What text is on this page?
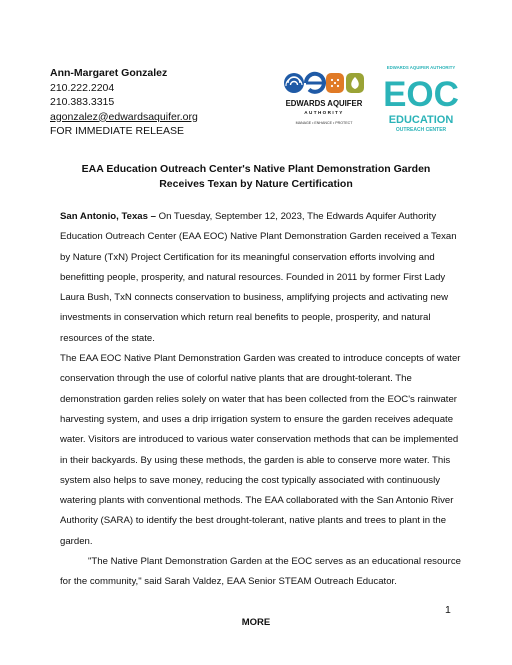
Ann-Margaret Gonzalez
210.222.2204
210.383.3315
agonzalez@edwardsaquifer.org
FOR IMMEDIATE RELEASE
EDWARDS AQUIFER
AUTHORITY
MANAGE • ENHANCE • PROTECT
EDWARDS AQUIFER AUTHORITY
EOC
EDUCATION
OUTREACH CENTER
EAA Education Outreach Center's Native Plant Demonstration Garden
Receives Texan by Nature Certification

San Antonio, Texas – On Tuesday, September 12, 2023, The Edwards Aquifer Authority Education Outreach Center (EAA EOC) Native Plant Demonstration Garden received a Texan by Nature (TxN) Project Certification for its meaningful conservation efforts involving and benefitting people, prosperity, and natural resources. Founded in 2011 by former First Lady Laura Bush, TxN connects conservation to business, amplifying projects and activating new investments in conservation which return real benefits to people, prosperity, and natural resources of the state.

The EAA EOC Native Plant Demonstration Garden was created to introduce concepts of water conservation through the use of colorful native plants that are drought-tolerant. The demonstration garden relies solely on water that has been collected from the EOC's rainwater harvesting system, and uses a drip irrigation system to ensure the garden receives adequate water. Visitors are introduced to various water conservation methods that can be implemented in their backyards. By using these methods, the garden is able to conserve more water. This system also helps to save money, reducing the cost typically associated with continuously watering plants with conventional methods. The EAA collaborated with the San Antonio River Authority (SARA) to identify the best drought-tolerant, native plants and trees to plant in the garden.

"The Native Plant Demonstration Garden at the EOC serves as an educational resource for the community," said Sarah Valdez, EAA Senior STEAM Outreach Educator.

1
MORE
